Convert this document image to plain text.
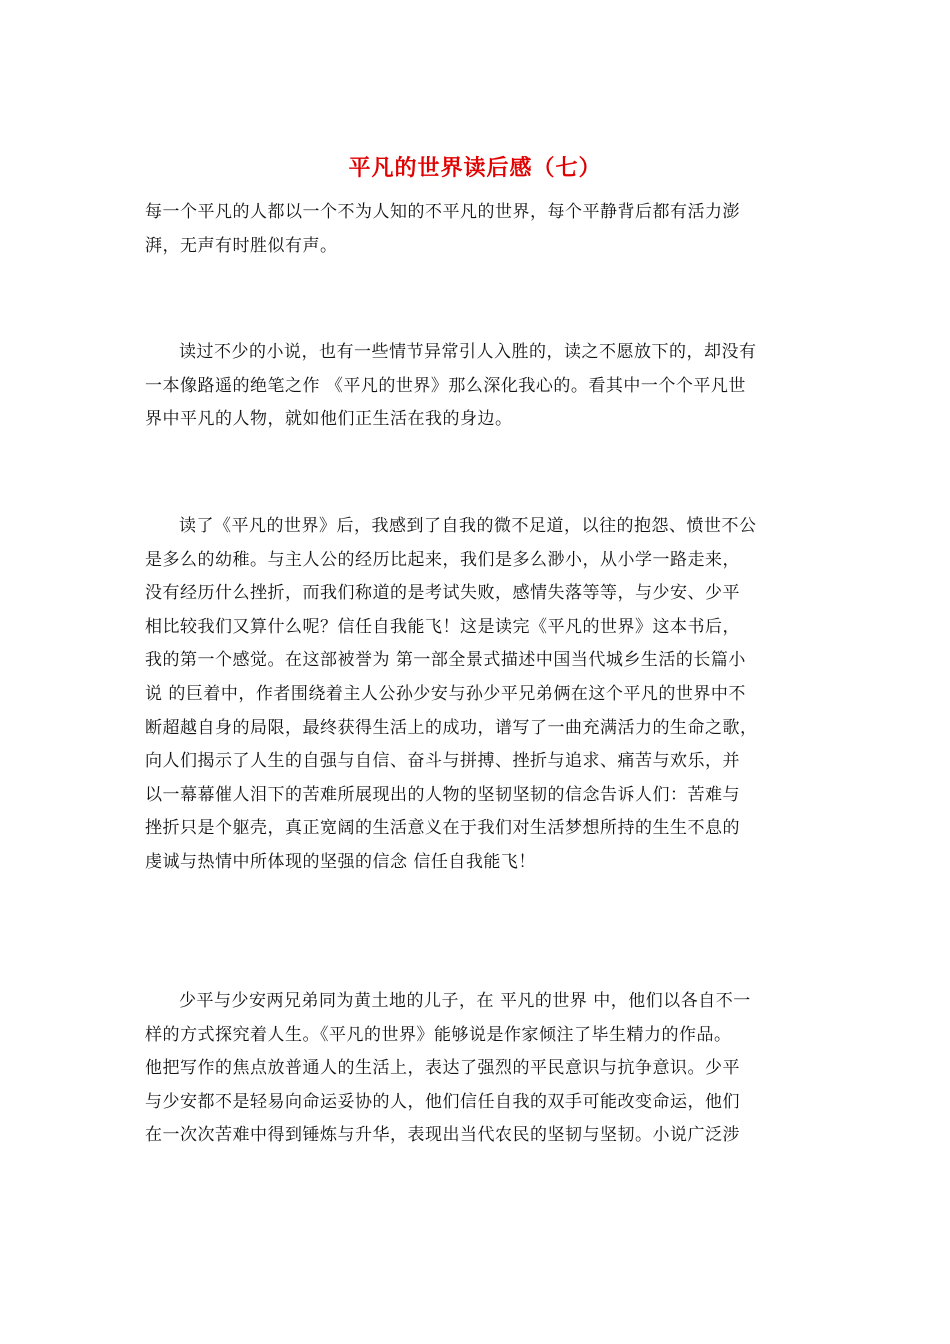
平凡的世界读后感（七）

每一个平凡的人都以一个不为人知的不平凡的世界，每个平静背后都有活力澎
湃，无声有时胜似有声。

读过不少的小说，也有一些情节异常引人入胜的，读之不愿放下的，却没有
一本像路遥的绝笔之作 《平凡的世界》那么深化我心的。看其中一个个平凡世
界中平凡的人物，就如他们正生活在我的身边。

读了《平凡的世界》后，我感到了自我的微不足道，以往的抱怨、愤世不公
是多么的幼稚。与主人公的经历比起来，我们是多么渺小，从小学一路走来，
没有经历什么挫折，而我们称道的是考试失败，感情失落等等，与少安、少平
相比较我们又算什么呢？信任自我能飞！这是读完《平凡的世界》这本书后，
我的第一个感觉。在这部被誉为 第一部全景式描述中国当代城乡生活的长篇小
说 的巨着中，作者围绕着主人公孙少安与孙少平兄弟俩在这个平凡的世界中不
断超越自身的局限，最终获得生活上的成功，谱写了一曲充满活力的生命之歌，
向人们揭示了人生的自强与自信、奋斗与拼搏、挫折与追求、痛苦与欢乐，并
以一幕幕催人泪下的苦难所展现出的人物的坚韧坚韧的信念告诉人们：苦难与
挫折只是个躯壳，真正宽阔的生活意义在于我们对生活梦想所持的生生不息的
虔诚与热情中所体现的坚强的信念 信任自我能飞！

少平与少安两兄弟同为黄土地的儿子，在 平凡的世界 中，他们以各自不一
样的方式探究着人生。《平凡的世界》能够说是作家倾注了毕生精力的作品。
他把写作的焦点放普通人的生活上，表达了强烈的平民意识与抗争意识。少平
与少安都不是轻易向命运妥协的人，他们信任自我的双手可能改变命运，他们
在一次次苦难中得到锤炼与升华，表现出当代农民的坚韧与坚韧。小说广泛涉
